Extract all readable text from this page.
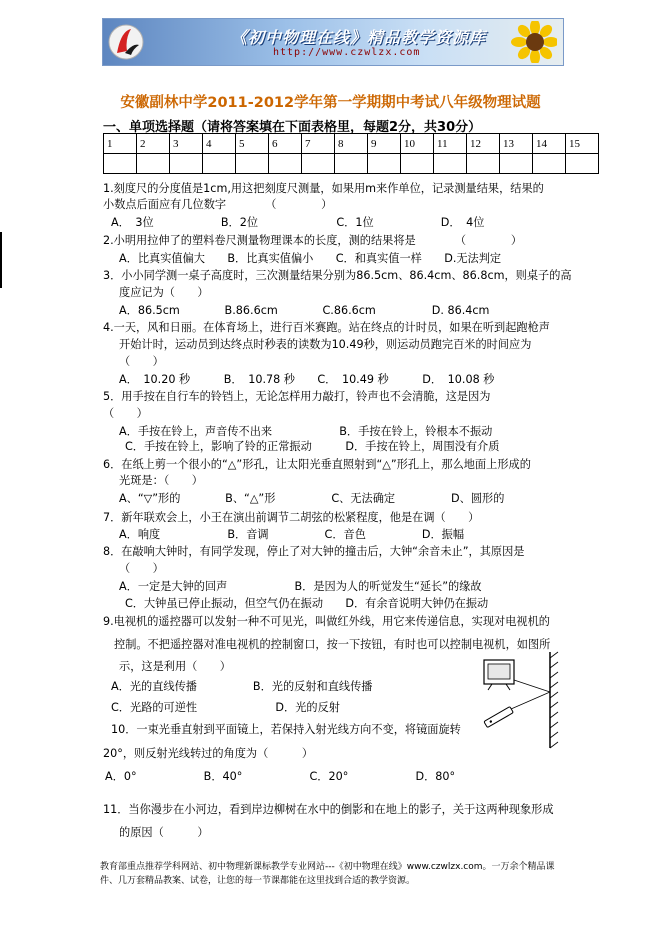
《初中物理在线》精品教学资源库
http://www.czwlzx.com
安徽副林中学2011-2012学年第一学期期中考试八年级物理试题
一、单项选择题（请将答案填在下面表格里，每题2分，共30分）
1	2	3	4	5	6	7	8	9	10	11	12	13	14	15

1.刻度尺的分度值是1cm,用这把刻度尺测量，如果用m来作单位，记录测量结果，结果的
小数点后面应有几位数字　　　　（　　　　）
A．　3位　　　　　　B．2位　　　　　　　C．1位　　　　　　D．　4位
2.小明用拉伸了的塑料卷尺测量物理课本的长度，测的结果将是　　　　（　　　　）
A．比真实值偏大　　B．比真实值偏小　　C．和真实值一样　　D.无法判定
3．小小同学测一桌子高度时，三次测量结果分别为86.5cm、86.4cm、86.8cm，则桌子的高
度应记为（　　）
A．86.5cm　　　　B.86.6cm　　　　C.86.6cm　　　　　D. 86.4cm
4.一天，风和日丽。在体育场上，进行百米赛跑。站在终点的计时员，如果在听到起跑枪声
开始计时，运动员到达终点时秒表的读数为10.49秒，则运动员跑完百米的时间应为
（　　）
A．　10.20 秒　　　B．　10.78 秒　　C．　10.49 秒　　　D．　10.08 秒
5．用手按在自行车的铃铛上，无论怎样用力敲打，铃声也不会清脆，这是因为
（　　）
A．手按在铃上，声音传不出来　　　　　　B．手按在铃上，铃根本不振动
C．手按在铃上，影响了铃的正常振动　　　D．手按在铃上，周围没有介质
6．在纸上剪一个很小的“△”形孔，让太阳光垂直照射到“△”形孔上，那么地面上形成的
光斑是：（　　）
A、“▽”形的　　　　B、“△”形　　　　　C、无法确定　　　　　D、圆形的
7．新年联欢会上，小王在演出前调节二胡弦的松紧程度，他是在调（　　）
A．响度　　　　　　B．音调　　　　　C．音色　　　　　D．振幅
8．在敲响大钟时，有同学发现，停止了对大钟的撞击后，大钟“余音未止”，其原因是
（　　）
A．一定是大钟的回声　　　　　　B．是因为人的听觉发生“延长”的缘故
C．大钟虽已停止振动，但空气仍在振动　　D．有余音说明大钟仍在振动
9.电视机的遥控器可以发射一种不可见光，叫做红外线，用它来传递信息，实现对电视机的
控制。不把遥控器对准电视机的控制窗口，按一下按钮，有时也可以控制电视机，如图所
示，这是利用（　　）
A．光的直线传播　　　　　B．光的反射和直线传播
C．光路的可逆性　　　　　　　D．光的反射
10．一束光垂直射到平面镜上，若保持入射光线方向不变，将镜面旋转
20°，则反射光线转过的角度为（　　　）
A．0°　　　　　　B．40°　　　　　　C．20°　　　　　　D．80°
11．当你漫步在小河边，看到岸边柳树在水中的倒影和在地上的影子，关于这两种现象形成
的原因（　　　）
教育部重点推荐学科网站、初中物理新课标教学专业网站---《初中物理在线》www.czwlzx.com。一万余个精品课件、几万套精品教案、试卷，让您的每一节课都能在这里找到合适的教学资源。
